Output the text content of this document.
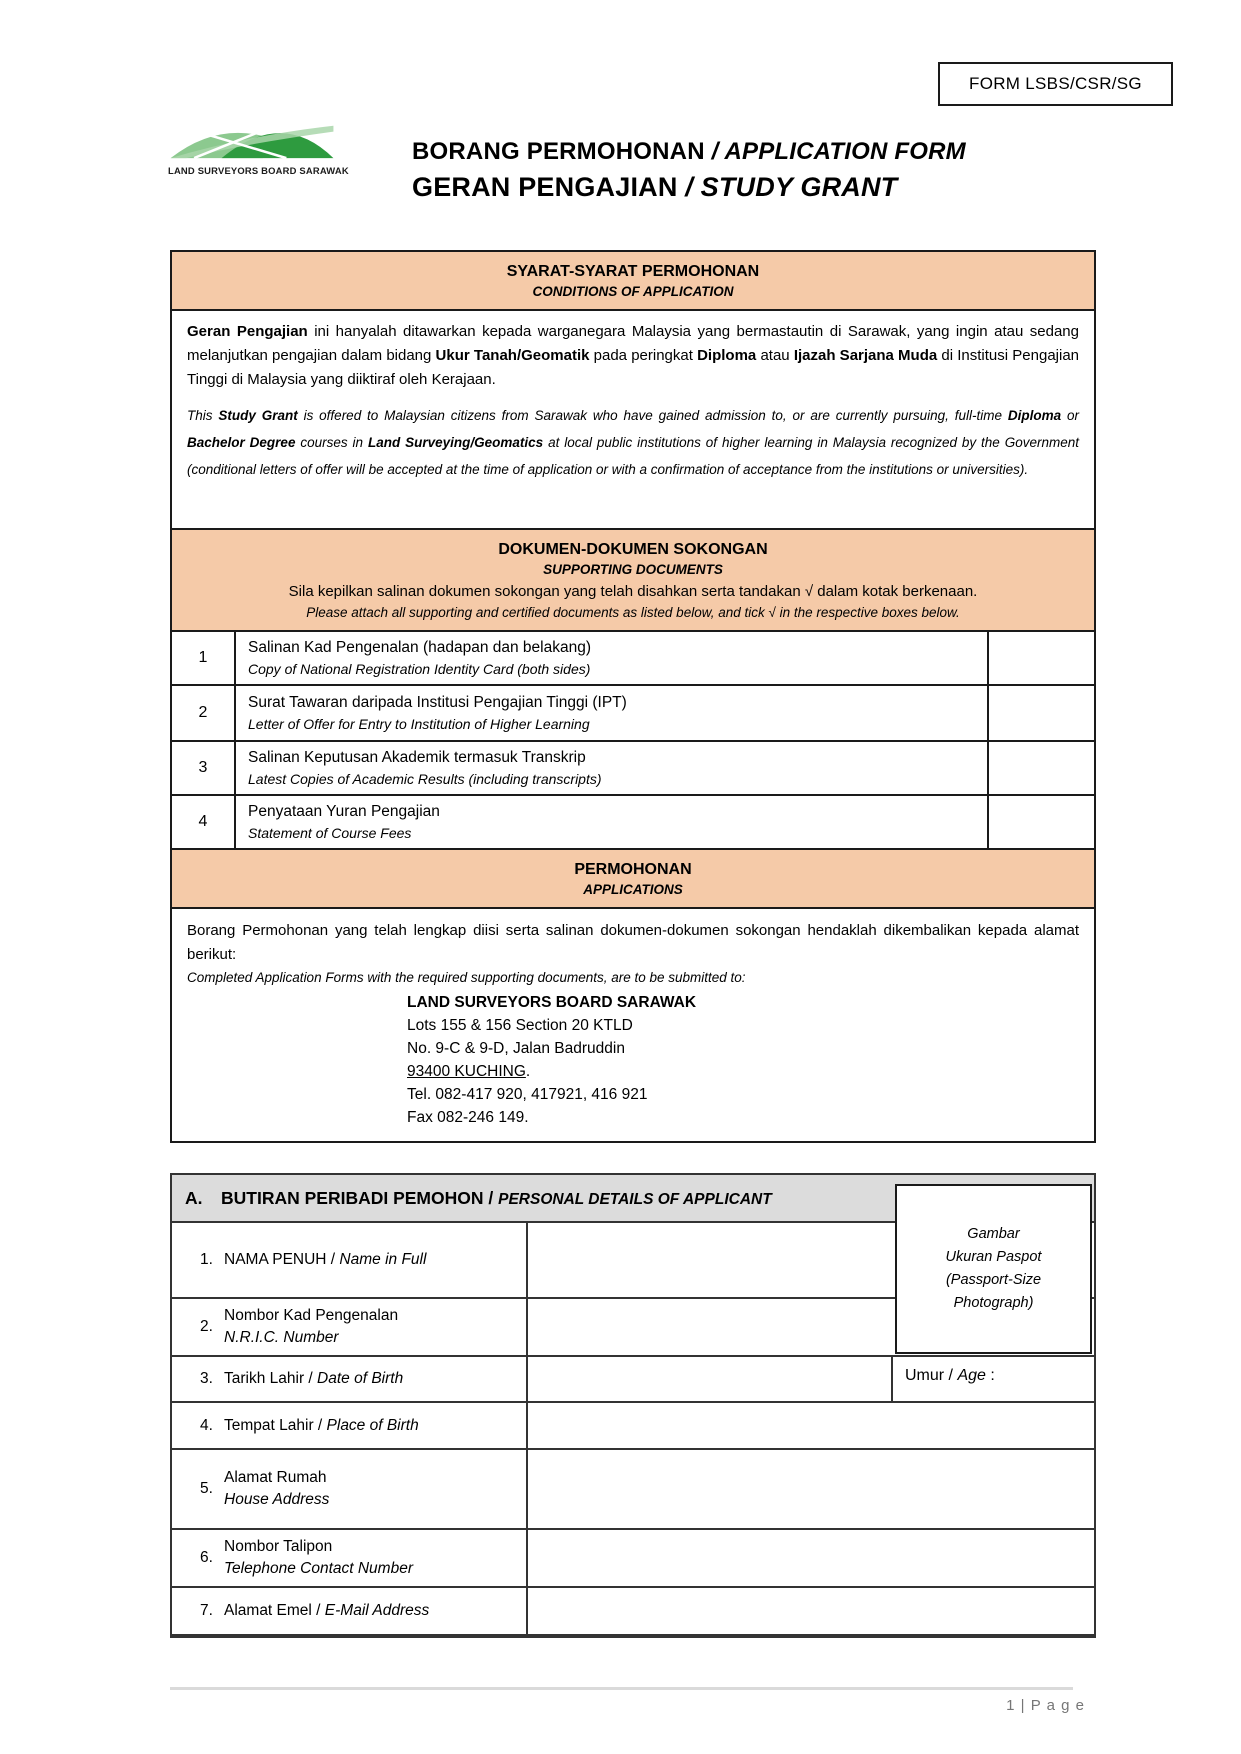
FORM LSBS/CSR/SG
LAND SURVEYORS BOARD SARAWAK
BORANG PERMOHONAN / APPLICATION FORM
GERAN PENGAJIAN / STUDY GRANT
SYARAT-SYARAT PERMOHONAN
CONDITIONS OF APPLICATION

Geran Pengajian ini hanyalah ditawarkan kepada warganegara Malaysia yang bermastautin di Sarawak, yang ingin atau sedang melanjutkan pengajian dalam bidang Ukur Tanah/Geomatik pada peringkat Diploma atau Ijazah Sarjana Muda di Institusi Pengajian Tinggi di Malaysia yang diiktiraf oleh Kerajaan.

This Study Grant is offered to Malaysian citizens from Sarawak who have gained admission to, or are currently pursuing, full-time Diploma or Bachelor Degree courses in Land Surveying/Geomatics at local public institutions of higher learning in Malaysia recognized by the Government (conditional letters of offer will be accepted at the time of application or with a confirmation of acceptance from the institutions or universities).

DOKUMEN-DOKUMEN SOKONGAN
SUPPORTING DOCUMENTS
Sila kepilkan salinan dokumen sokongan yang telah disahkan serta tandakan √ dalam kotak berkenaan.
Please attach all supporting and certified documents as listed below, and tick √ in the respective boxes below.
1
Salinan Kad Pengenalan (hadapan dan belakang)
Copy of National Registration Identity Card (both sides)
2
Surat Tawaran daripada Institusi Pengajian Tinggi (IPT)
Letter of Offer for Entry to Institution of Higher Learning
3
Salinan Keputusan Akademik termasuk Transkrip
Latest Copies of Academic Results (including transcripts)
4
Penyataan Yuran Pengajian
Statement of Course Fees
PERMOHONAN
APPLICATIONS

Borang Permohonan yang telah lengkap diisi serta salinan dokumen-dokumen sokongan hendaklah dikembalikan kepada alamat berikut:

Completed Application Forms with the required supporting documents, are to be submitted to:

LAND SURVEYORS BOARD SARAWAK
Lots 155 & 156 Section 20 KTLD
No. 9-C & 9-D, Jalan Badruddin
93400 KUCHING.
Tel. 082-417 920, 417921, 416 921
Fax 082-246 149.
A.	BUTIRAN PERIBADI PEMOHON / PERSONAL DETAILS OF APPLICANT
1. NAMA PENUH / Name in Full
2.
Nombor Kad Pengenalan
N.R.I.C. Number
3. Tarikh Lahir / Date of Birth	Umur / Age :
4. Tempat Lahir / Place of Birth
5.
Alamat Rumah
House Address
6.
Nombor Talipon
Telephone Contact Number
7. Alamat Emel / E-Mail Address
Gambar
Ukuran Paspot
(Passport-Size
Photograph)
1 | P a g e
